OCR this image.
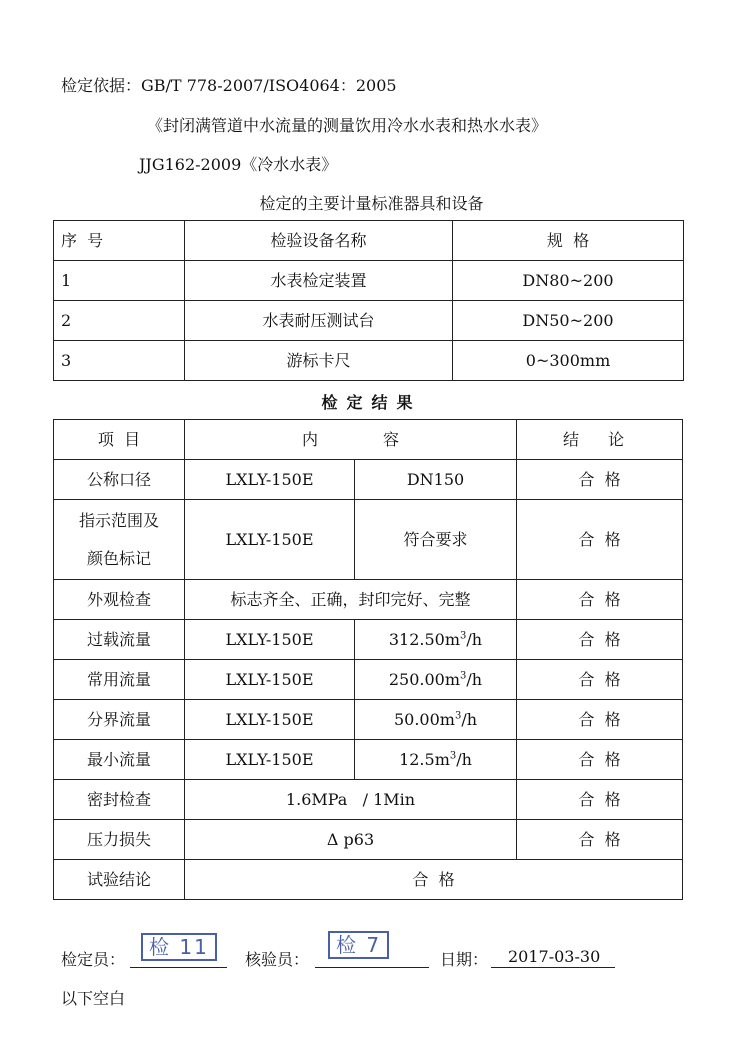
检定依据：GB/T 778-2007/ISO4064：2005
《封闭满管道中水流量的测量饮用冷水水表和热水水表》
JJG162-2009《冷水水表》
检定的主要计量标准器具和设备
序  号	检验设备名称	规  格
1	水表检定装置	DN80~200
2	水表耐压测试台	DN50~200
3	游标卡尺	0~300mm
检定结果
项  目	内 容		结 论
公称口径	LXLY-150E	DN150	合  格
指示范围及
颜色标记	LXLY-150E	符合要求	合  格
外观检查	标志齐全、正确，封印完好、完整		合  格
过载流量	LXLY-150E	$312.50m^3/h$	合  格
常用流量	LXLY-150E	$250.00m^3/h$	合  格
分界流量	LXLY-150E	$50.00m^3/h$	合  格
最小流量	LXLY-150E	$12.5m^3/h$	合  格
密封检查	1.6MPa   / 1Min		合  格
压力损失	Δ p63		合  格
试验结论	合  格		
检定员：
检 11
核验员：
检 7
日期： 2017-03-30
以下空白
